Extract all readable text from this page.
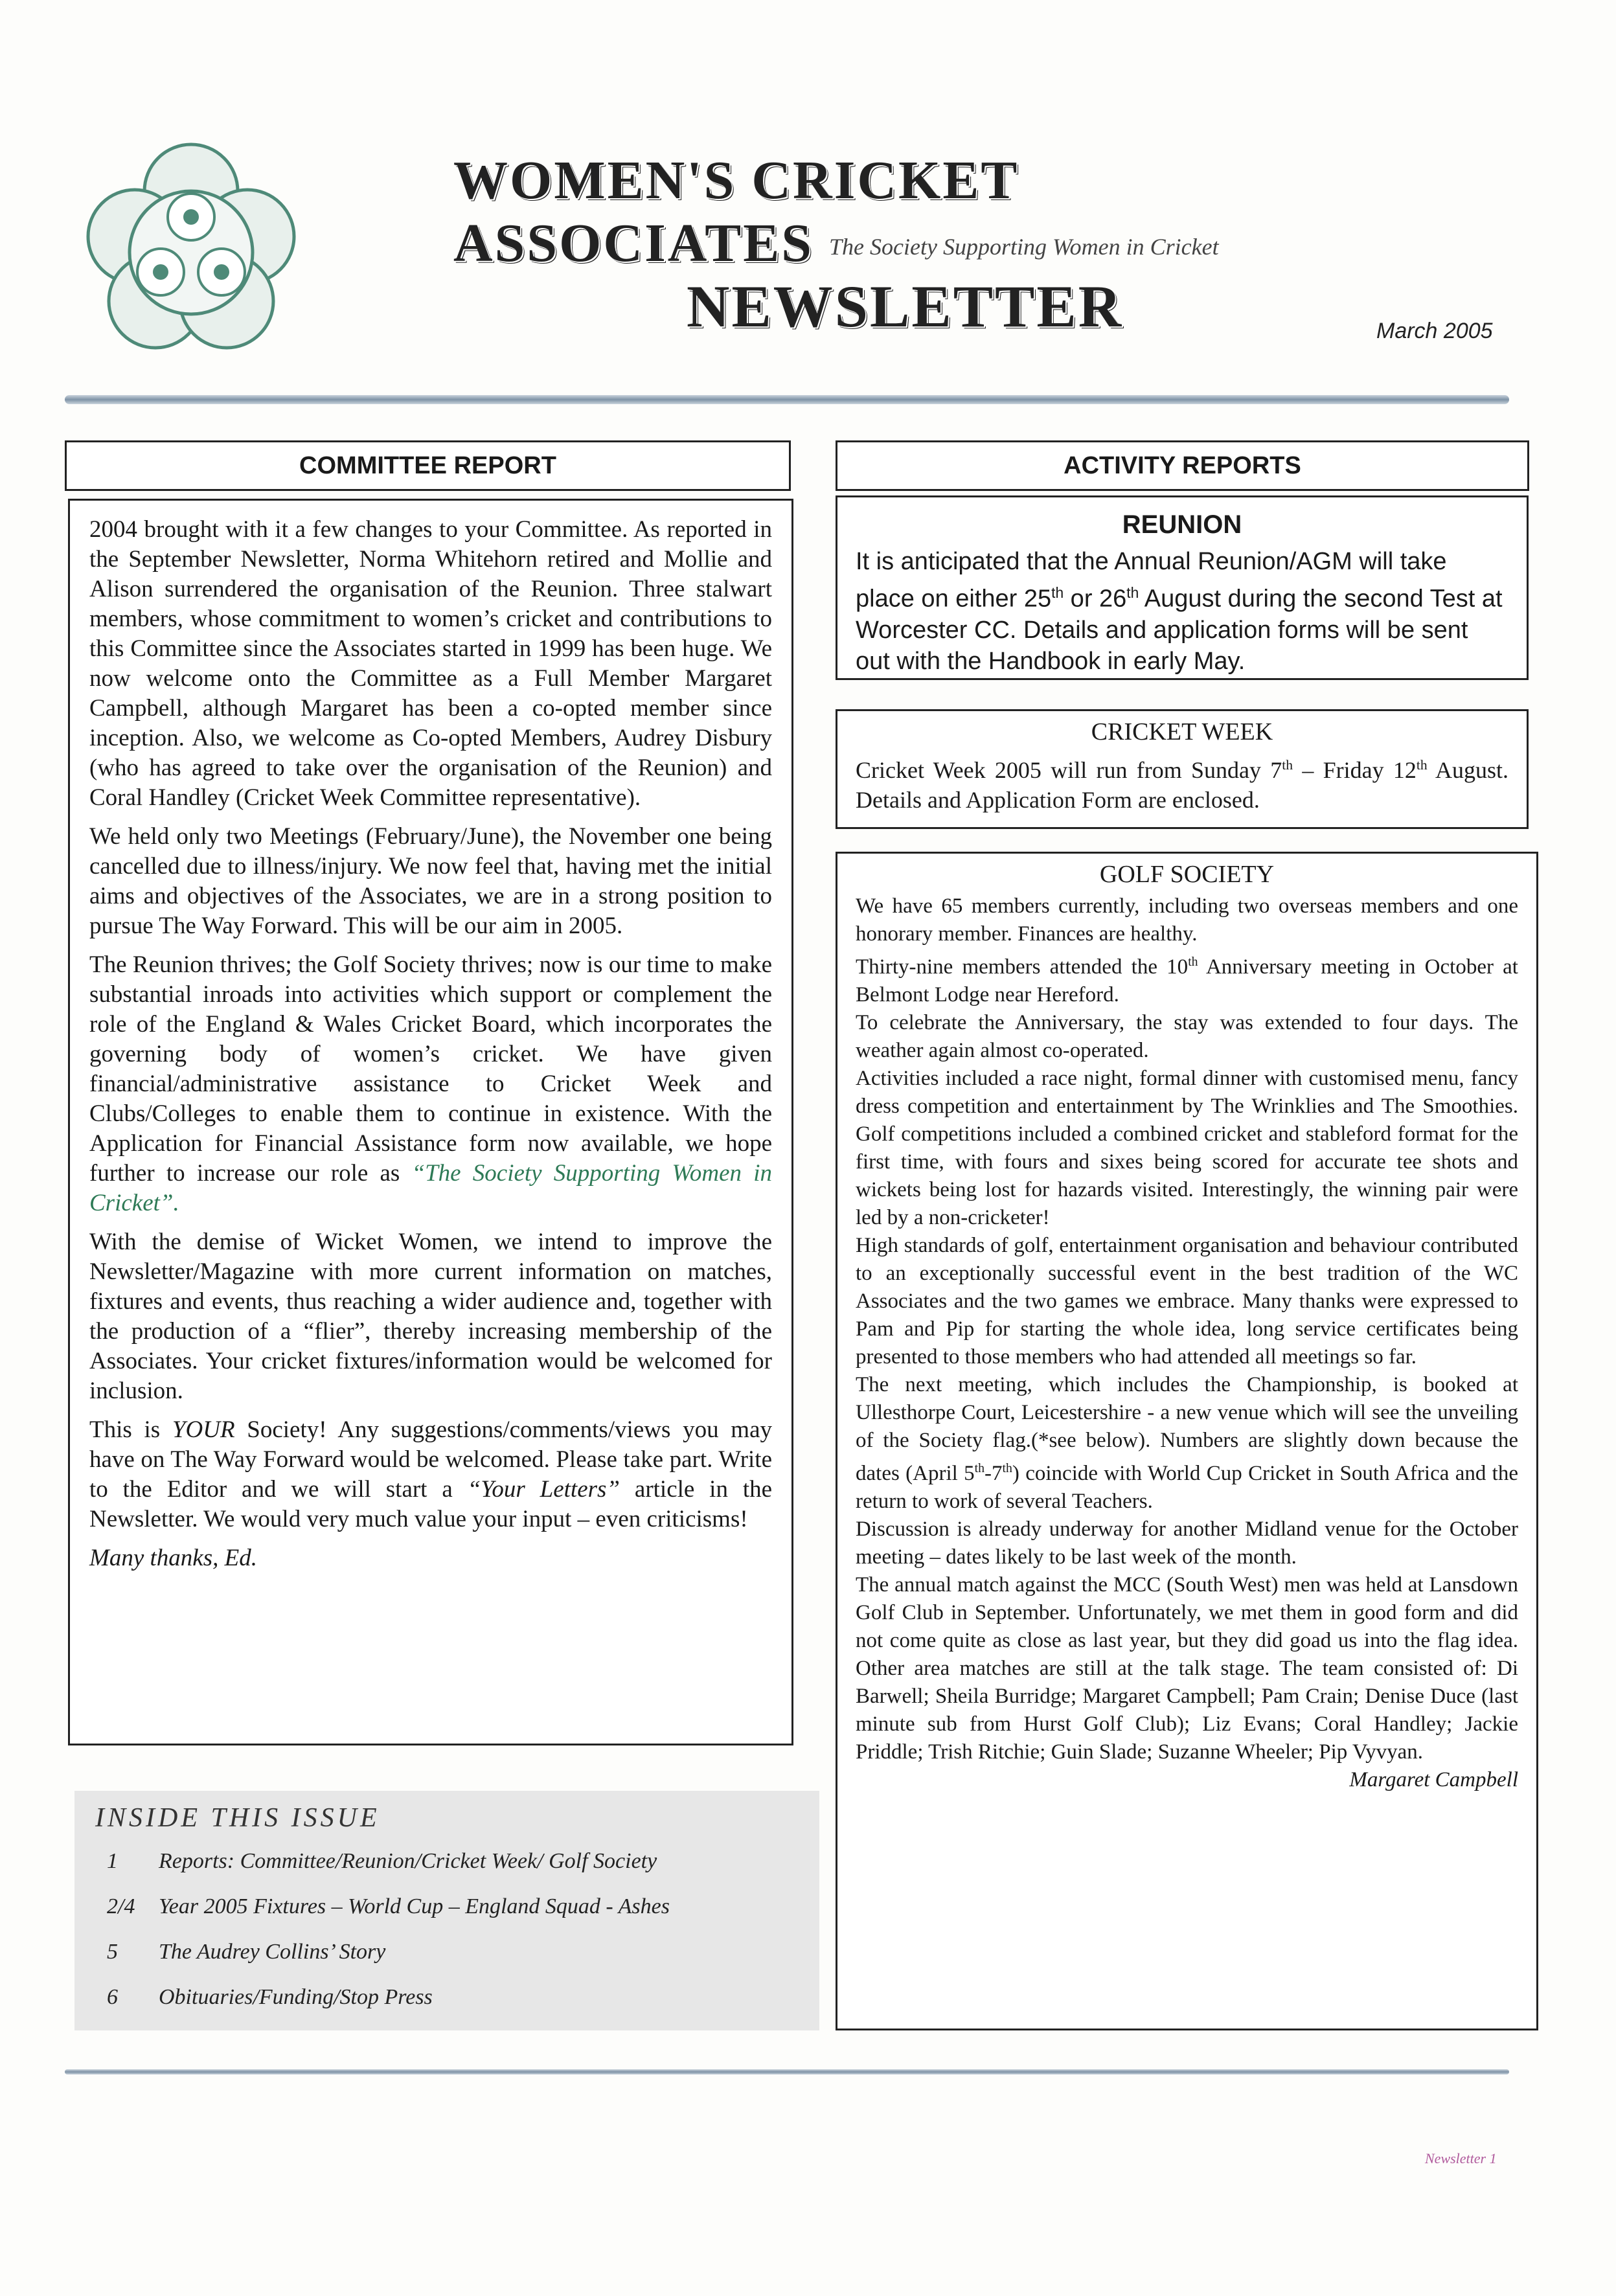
WOMEN'S CRICKET ASSOCIATES The Society Supporting Women in Cricket
NEWSLETTER	March 2005
COMMITTEE REPORT

2004 brought with it a few changes to your Committee. As reported in the September Newsletter, Norma Whitehorn retired and Mollie and Alison surrendered the organisation of the Reunion. Three stalwart members, whose commitment to women’s cricket and contributions to this Committee since the Associates started in 1999 has been huge. We now welcome onto the Committee as a Full Member Margaret Campbell, although Margaret has been a co-opted member since inception. Also, we welcome as Co-opted Members, Audrey Disbury (who has agreed to take over the organisation of the Reunion) and Coral Handley (Cricket Week Committee representative).

We held only two Meetings (February/June), the November one being cancelled due to illness/injury. We now feel that, having met the initial aims and objectives of the Associates, we are in a strong position to pursue The Way Forward. This will be our aim in 2005.

The Reunion thrives; the Golf Society thrives; now is our time to make substantial inroads into activities which support or complement the role of the England & Wales Cricket Board, which incorporates the governing body of women’s cricket. We have given financial/administrative assistance to Cricket Week and Clubs/Colleges to enable them to continue in existence. With the Application for Financial Assistance form now available, we hope further to increase our role as “The Society Supporting Women in Cricket”.

With the demise of Wicket Women, we intend to improve the Newsletter/Magazine with more current information on matches, fixtures and events, thus reaching a wider audience and, together with the production of a “flier”, thereby increasing membership of the Associates. Your cricket fixtures/information would be welcomed for inclusion.

This is YOUR Society! Any suggestions/comments/views you may have on The Way Forward would be welcomed. Please take part. Write to the Editor and we will start a “Your Letters” article in the Newsletter. We would very much value your input – even criticisms!

Many thanks, Ed.

INSIDE THIS ISSUE
1 Reports: Committee/Reunion/Cricket Week/ Golf Society
2/4 Year 2005 Fixtures – World Cup – England Squad - Ashes
5 The Audrey Collins’ Story
6 Obituaries/Funding/Stop Press
ACTIVITY REPORTS
REUNION
It is anticipated that the Annual Reunion/AGM will take place on either 25th or 26th August during the second Test at Worcester CC. Details and application forms will be sent out with the Handbook in early May.
CRICKET WEEK
Cricket Week 2005 will run from Sunday 7th – Friday 12th August. Details and Application Form are enclosed.
GOLF SOCIETY

We have 65 members currently, including two overseas members and one honorary member. Finances are healthy.

Thirty-nine members attended the 10th Anniversary meeting in October at Belmont Lodge near Hereford.

To celebrate the Anniversary, the stay was extended to four days. The weather again almost co-operated.

Activities included a race night, formal dinner with customised menu, fancy dress competition and entertainment by The Wrinklies and The Smoothies. Golf competitions included a combined cricket and stableford format for the first time, with fours and sixes being scored for accurate tee shots and wickets being lost for hazards visited. Interestingly, the winning pair were led by a non-cricketer!

High standards of golf, entertainment organisation and behaviour contributed to an exceptionally successful event in the best tradition of the WC Associates and the two games we embrace. Many thanks were expressed to Pam and Pip for starting the whole idea, long service certificates being presented to those members who had attended all meetings so far.

The next meeting, which includes the Championship, is booked at Ullesthorpe Court, Leicestershire - a new venue which will see the unveiling of the Society flag.(*see below). Numbers are slightly down because the dates (April 5th-7th) coincide with World Cup Cricket in South Africa and the return to work of several Teachers.

Discussion is already underway for another Midland venue for the October meeting – dates likely to be last week of the month.

The annual match against the MCC (South West) men was held at Lansdown Golf Club in September. Unfortunately, we met them in good form and did not come quite as close as last year, but they did goad us into the flag idea. Other area matches are still at the talk stage. The team consisted of: Di Barwell; Sheila Burridge; Margaret Campbell; Pam Crain; Denise Duce (last minute sub from Hurst Golf Club); Liz Evans; Coral Handley; Jackie Priddle; Trish Ritchie; Guin Slade; Suzanne Wheeler; Pip Vyvyan.

Margaret Campbell

Newsletter 1
